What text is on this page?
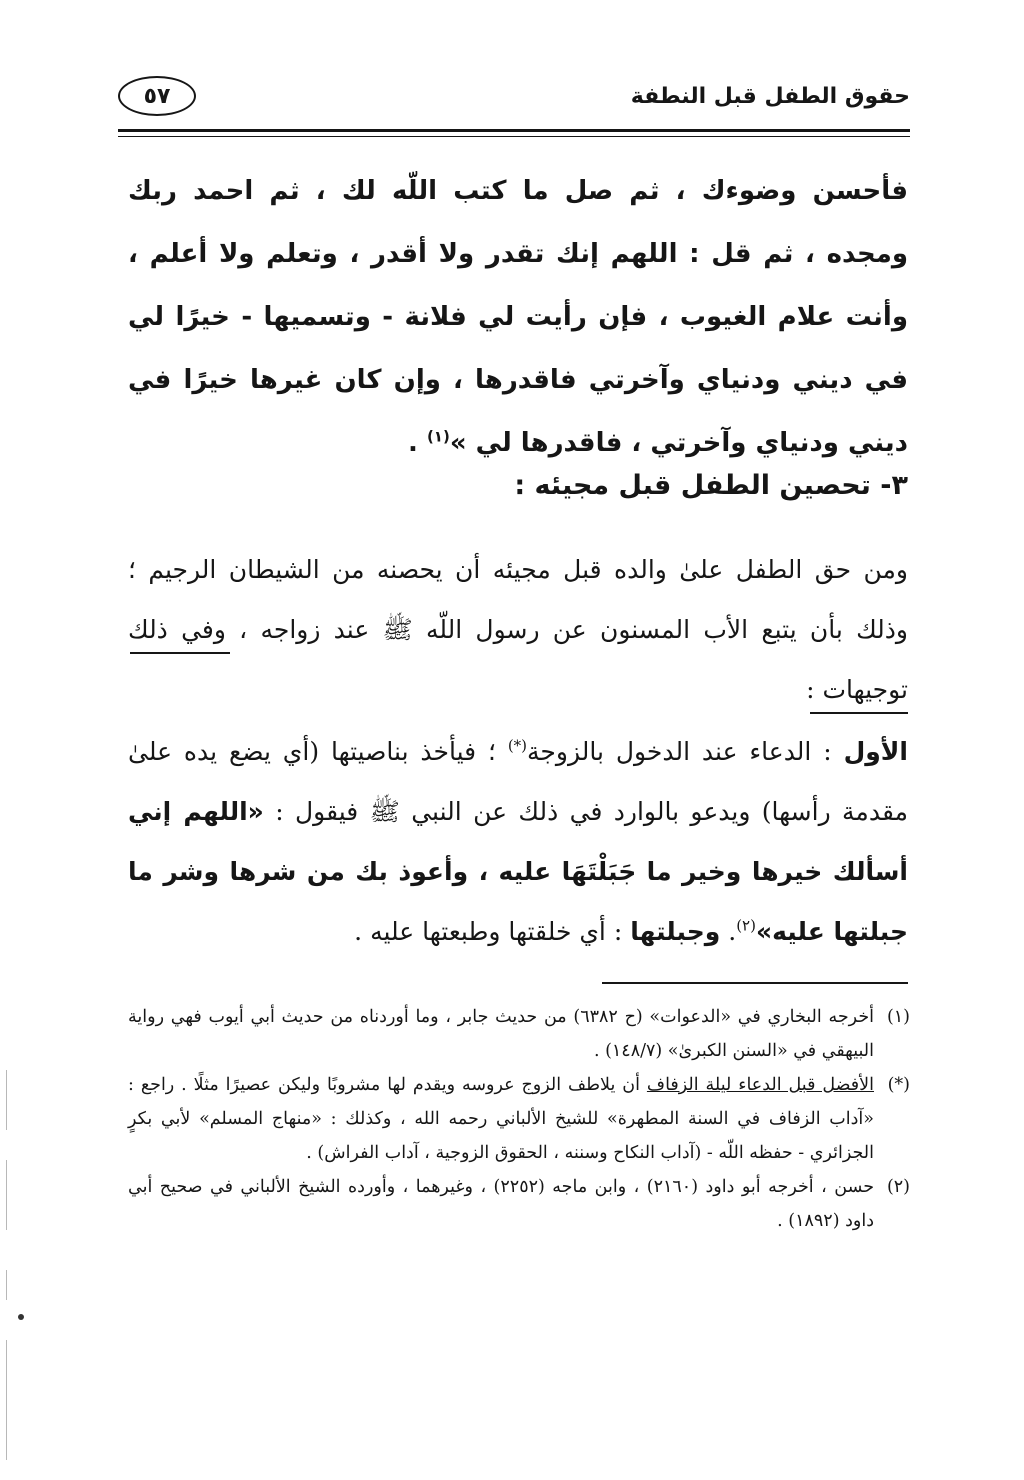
حقوق الطفل قبل النطفة
٥٧
فأحسن وضوءك ، ثم صل ما كتب اللّه لك ، ثم احمد ربك ومجده ، ثم قل : اللهم إنك تقدر ولا أقدر ، وتعلم ولا أعلم ، وأنت علام الغيوب ، فإن رأيت لي فلانة - وتسميها - خيرًا لي في ديني ودنياي وآخرتي فاقدرها ، وإن كان غيرها خيرًا في ديني ودنياي وآخرتي ، فاقدرها لي »$^{(١)}$ .
٣- تحصين الطفل قبل مجيئه :
ومن حق الطفل علىٰ والده قبل مجيئه أن يحصنه من الشيطان الرجيم ؛ وذلك بأن يتبع الأب المسنون عن رسول اللّه ﷺ عند زواجه ، وفي ذلك توجيهات :
الأول : الدعاء عند الدخول بالزوجة(*) ؛ فيأخذ بناصيتها (أي يضع يده علىٰ مقدمة رأسها) ويدعو بالوارد في ذلك عن النبي ﷺ فيقول : «اللهم إني أسألك خيرها وخير ما جَبَلْتَهَا عليه ، وأعوذ بك من شرها وشر ما جبلتها عليه»$^{(٢)}$. وجبلتها : أي خلقتها وطبعتها عليه .
(١)
أخرجه البخاري في «الدعوات» (ح ٦٣٨٢) من حديث جابر ، وما أوردناه من حديث أبي أيوب فهي رواية البيهقي في «السنن الكبرىٰ» (١٤٨/٧) .
(*)
الأفضل قبل الدعاء ليلة الزفاف أن يلاطف الزوج عروسه ويقدم لها مشروبًا وليكن عصيرًا مثلًا . راجع : «آداب الزفاف في السنة المطهرة» للشيخ الألباني رحمه الله ، وكذلك : «منهاج المسلم» لأبي بكرٍ الجزائري - حفظه اللّه - (آداب النكاح وسننه ، الحقوق الزوجية ، آداب الفراش) .
(٢)
حسن ، أخرجه أبو داود (٢١٦٠) ، وابن ماجه (٢٢٥٢) ، وغيرهما ، وأورده الشيخ الألباني في صحيح أبي داود (١٨٩٢) .
